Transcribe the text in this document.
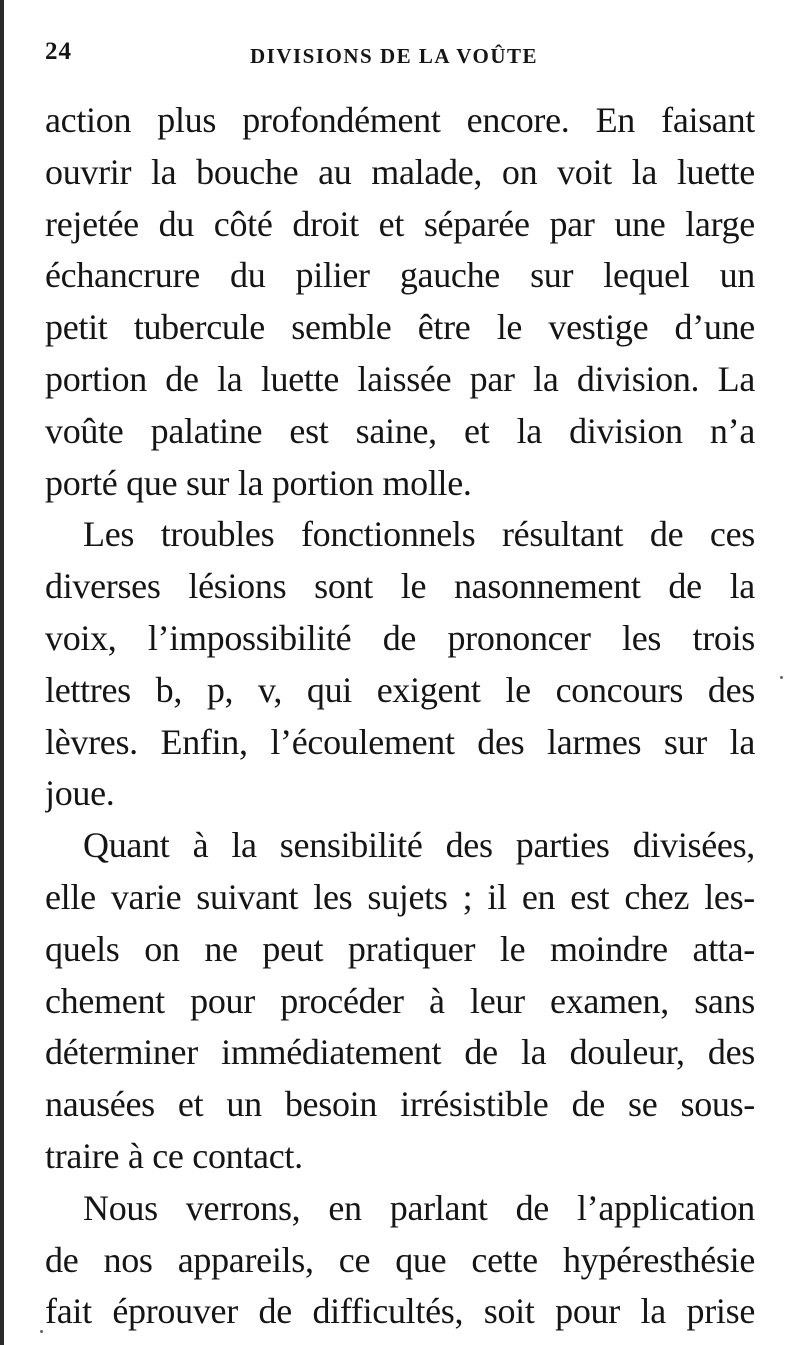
24	DIVISIONS DE LA VOÛTE
action plus profondément encore. En faisant
ouvrir la bouche au malade, on voit la luette
rejetée du côté droit et séparée par une large
échancrure du pilier gauche sur lequel un
petit tubercule semble être le vestige d’une
portion de la luette laissée par la division. La
voûte palatine est saine, et la division n’a
porté que sur la portion molle.
Les troubles fonctionnels résultant de ces
diverses lésions sont le nasonnement de la
voix, l’impossibilité de prononcer les trois
lettres b, p, v, qui exigent le concours des
lèvres. Enfin, l’écoulement des larmes sur la
joue.
Quant à la sensibilité des parties divisées,
elle varie suivant les sujets ; il en est chez les-
quels on ne peut pratiquer le moindre atta-
chement pour procéder à leur examen, sans
déterminer immédiatement de la douleur, des
nausées et un besoin irrésistible de se sous-
traire à ce contact.
Nous verrons, en parlant de l’application
de nos appareils, ce que cette hypéresthésie
fait éprouver de difficultés, soit pour la prise
